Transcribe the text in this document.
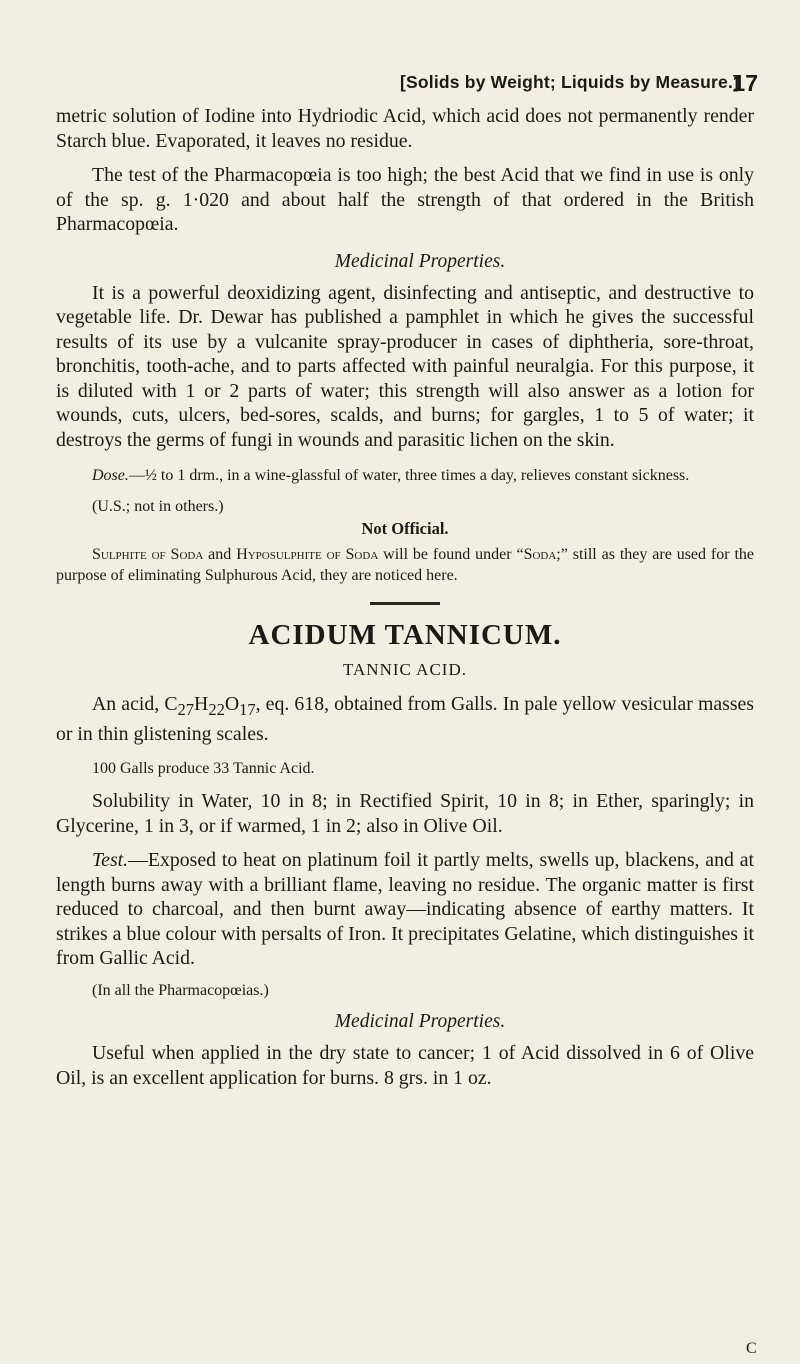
[Solids by Weight; Liquids by Measure.]
17

metric solution of Iodine into Hydriodic Acid, which acid does not permanently render Starch blue. Evaporated, it leaves no residue.

The test of the Pharmacopœia is too high; the best Acid that we find in use is only of the sp. g. 1·020 and about half the strength of that ordered in the British Pharmacopœia.

Medicinal Properties.

It is a powerful deoxidizing agent, disinfecting and antiseptic, and destructive to vegetable life. Dr. Dewar has published a pamphlet in which he gives the successful results of its use by a vulcanite spray-producer in cases of diphtheria, sore-throat, bronchitis, tooth-ache, and to parts affected with painful neuralgia. For this purpose, it is diluted with 1 or 2 parts of water; this strength will also answer as a lotion for wounds, cuts, ulcers, bed-sores, scalds, and burns; for gargles, 1 to 5 of water; it destroys the germs of fungi in wounds and parasitic lichen on the skin.

Dose.—½ to 1 drm., in a wine-glassful of water, three times a day, relieves constant sickness.

(U.S.; not in others.)

Not Official.

Sulphite of Soda and Hyposulphite of Soda will be found under “Soda;” still as they are used for the purpose of eliminating Sulphurous Acid, they are noticed here.

ACIDUM TANNICUM.

TANNIC ACID.

An acid, $C_{27}H_{22}O_{17}$, eq. 618, obtained from Galls. In pale yellow vesicular masses or in thin glistening scales.

100 Galls produce 33 Tannic Acid.

Solubility in Water, 10 in 8; in Rectified Spirit, 10 in 8; in Ether, sparingly; in Glycerine, 1 in 3, or if warmed, 1 in 2; also in Olive Oil.

Test.—Exposed to heat on platinum foil it partly melts, swells up, blackens, and at length burns away with a brilliant flame, leaving no residue. The organic matter is first reduced to charcoal, and then burnt away—indicating absence of earthy matters. It strikes a blue colour with persalts of Iron. It precipitates Gelatine, which distinguishes it from Gallic Acid.

(In all the Pharmacopœias.)

Medicinal Properties.

Useful when applied in the dry state to cancer; 1 of Acid dissolved in 6 of Olive Oil, is an excellent application for burns. 8 grs. in 1 oz.

C
